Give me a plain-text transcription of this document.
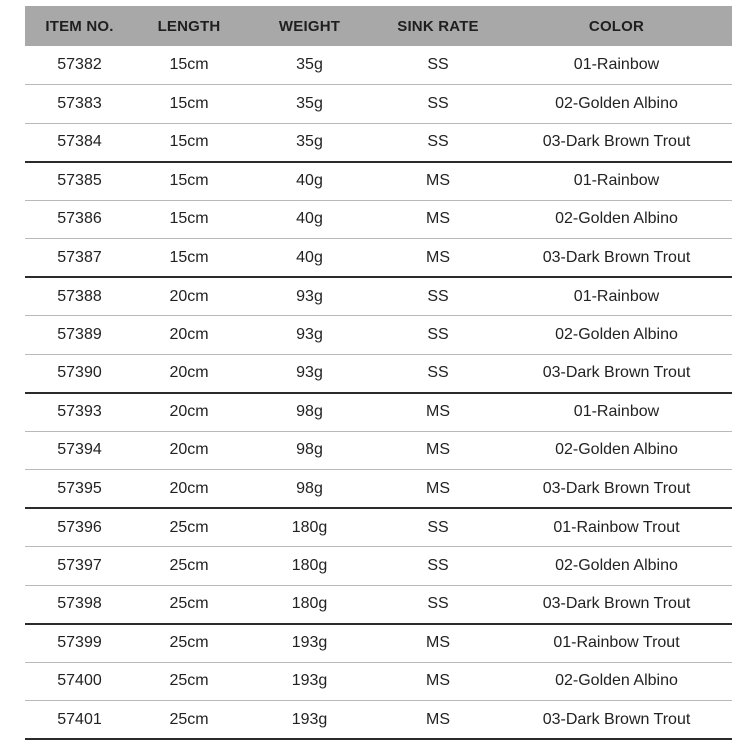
ITEM NO.	LENGTH	WEIGHT	SINK RATE	COLOR
57382	15cm	35g	SS	01-Rainbow
57383	15cm	35g	SS	02-Golden Albino
57384	15cm	35g	SS	03-Dark Brown Trout
57385	15cm	40g	MS	01-Rainbow
57386	15cm	40g	MS	02-Golden Albino
57387	15cm	40g	MS	03-Dark Brown Trout
57388	20cm	93g	SS	01-Rainbow
57389	20cm	93g	SS	02-Golden Albino
57390	20cm	93g	SS	03-Dark Brown Trout
57393	20cm	98g	MS	01-Rainbow
57394	20cm	98g	MS	02-Golden Albino
57395	20cm	98g	MS	03-Dark Brown Trout
57396	25cm	180g	SS	01-Rainbow Trout
57397	25cm	180g	SS	02-Golden Albino
57398	25cm	180g	SS	03-Dark Brown Trout
57399	25cm	193g	MS	01-Rainbow Trout
57400	25cm	193g	MS	02-Golden Albino
57401	25cm	193g	MS	03-Dark Brown Trout
